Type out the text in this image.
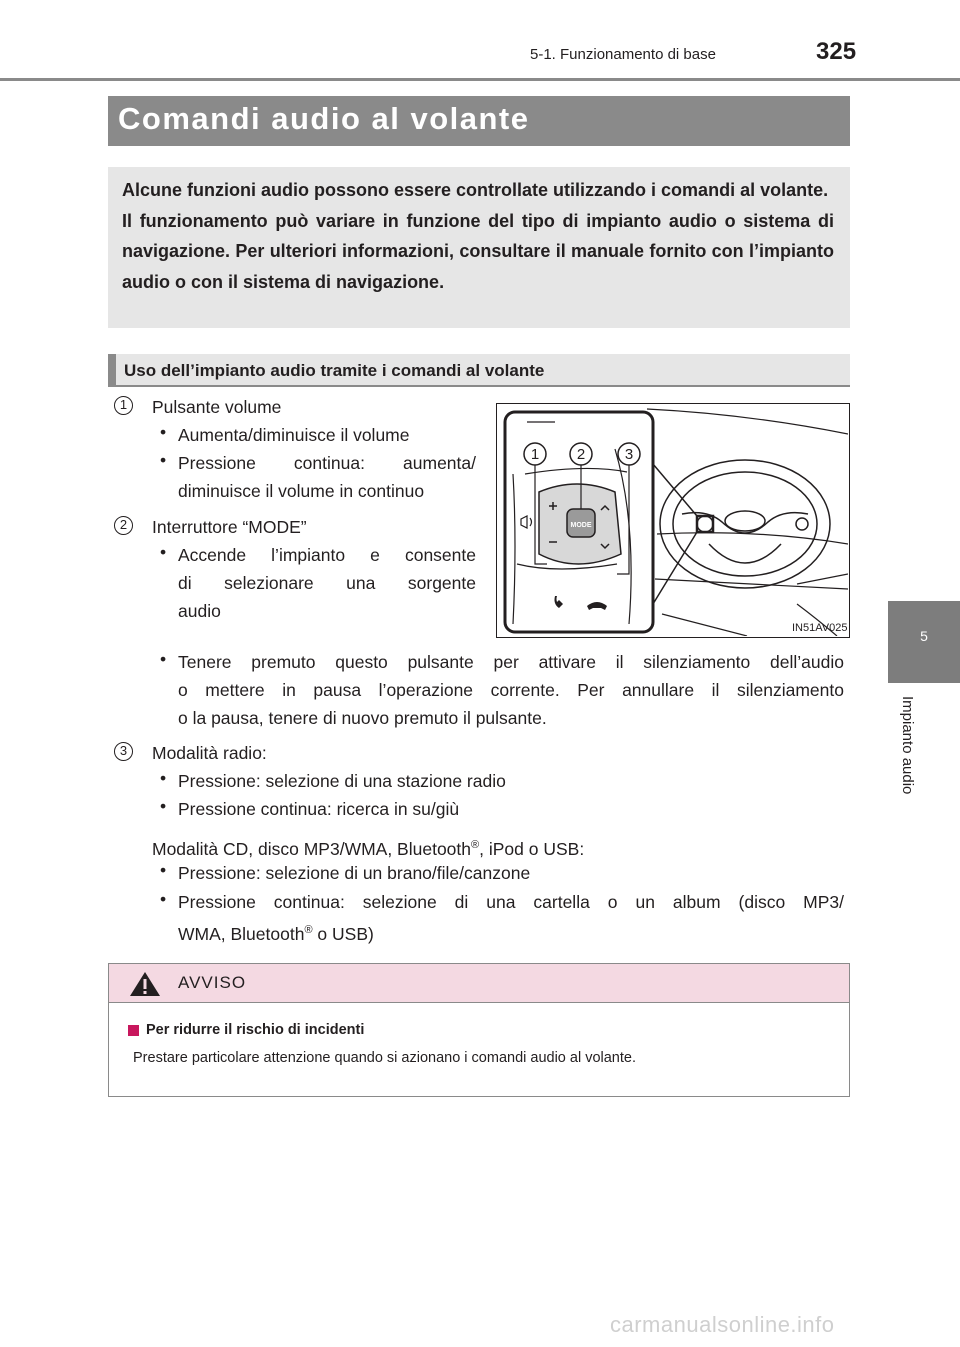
5-1. Funzionamento di base	325
5
Impianto audio
Comandi audio al volante
Alcune funzioni audio possono essere controllate utilizzando i comandi al volante.
Il funzionamento può variare in funzione del tipo di impianto audio o sistema di navigazione. Per ulteriori informazioni, consultare il manuale fornito con l’impianto audio o con il sistema di navigazione.
Uso dell’impianto audio tramite i comandi al volante
1	Pulsante volume
• Aumenta/diminuisce il volume
• Pressione continua: aumenta/
diminuisce il volume in continuo
2	Interruttore “MODE”
• Accende l’impianto e consente
di selezionare una sorgente
audio
• Tenere premuto questo pulsante per attivare il silenziamento dell’audio
o mettere in pausa l’operazione corrente. Per annullare il silenziamento
o la pausa, tenere di nuovo premuto il pulsante.
3	Modalità radio:
• Pressione: selezione di una stazione radio
• Pressione continua: ricerca in su/giù
Modalità CD, disco MP3/WMA, Bluetooth®, iPod o USB:
• Pressione: selezione di un brano/file/canzone
• Pressione continua: selezione di una cartella o un album (disco MP3/
WMA, Bluetooth® o USB)
MODE
1	2	3
IN51AV025
AVVISO
Per ridurre il rischio di incidenti
Prestare particolare attenzione quando si azionano i comandi audio al volante.
carmanualsonline.info
